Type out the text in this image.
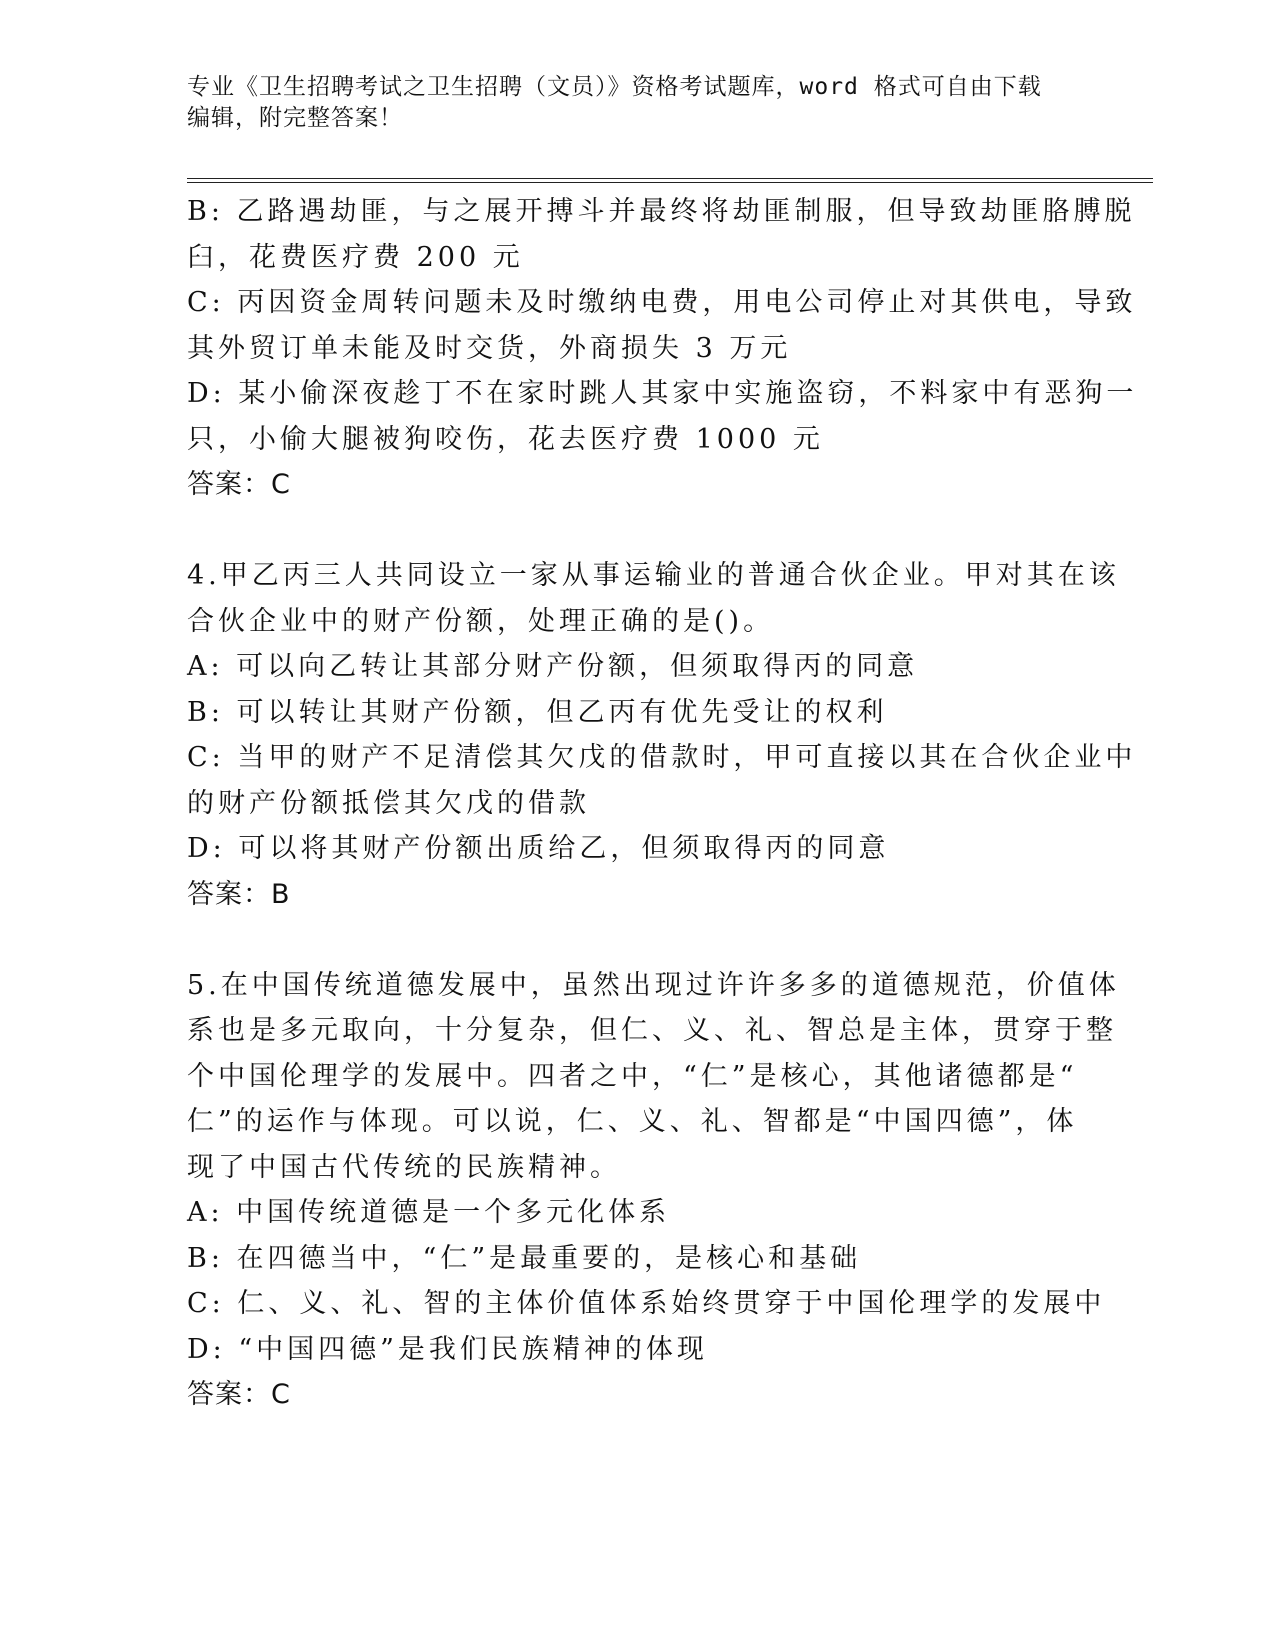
专业《卫生招聘考试之卫生招聘（文员）》资格考试题库，word 格式可自由下载
编辑，附完整答案！
B: 乙路遇劫匪，与之展开搏斗并最终将劫匪制服，但导致劫匪胳膊脱
臼，花费医疗费 200 元
C: 丙因资金周转问题未及时缴纳电费，用电公司停止对其供电，导致
其外贸订单未能及时交货，外商损失 3 万元
D: 某小偷深夜趁丁不在家时跳人其家中实施盗窃，不料家中有恶狗一
只，小偷大腿被狗咬伤，花去医疗费 1000 元
答案：C
4.甲乙丙三人共同设立一家从事运输业的普通合伙企业。甲对其在该
合伙企业中的财产份额，处理正确的是()。
A: 可以向乙转让其部分财产份额，但须取得丙的同意
B: 可以转让其财产份额，但乙丙有优先受让的权利
C: 当甲的财产不足清偿其欠戊的借款时，甲可直接以其在合伙企业中
的财产份额抵偿其欠戊的借款
D: 可以将其财产份额出质给乙，但须取得丙的同意
答案：B
5.在中国传统道德发展中，虽然出现过许许多多的道德规范，价值体
系也是多元取向，十分复杂，但仁、义、礼、智总是主体，贯穿于整
个中国伦理学的发展中。四者之中，“仁”是核心，其他诸德都是“
仁”的运作与体现。可以说，仁、义、礼、智都是“中国四德”，体
现了中国古代传统的民族精神。
A: 中国传统道德是一个多元化体系
B: 在四德当中，“仁”是最重要的，是核心和基础
C: 仁、义、礼、智的主体价值体系始终贯穿于中国伦理学的发展中
D: “中国四德”是我们民族精神的体现
答案：C
